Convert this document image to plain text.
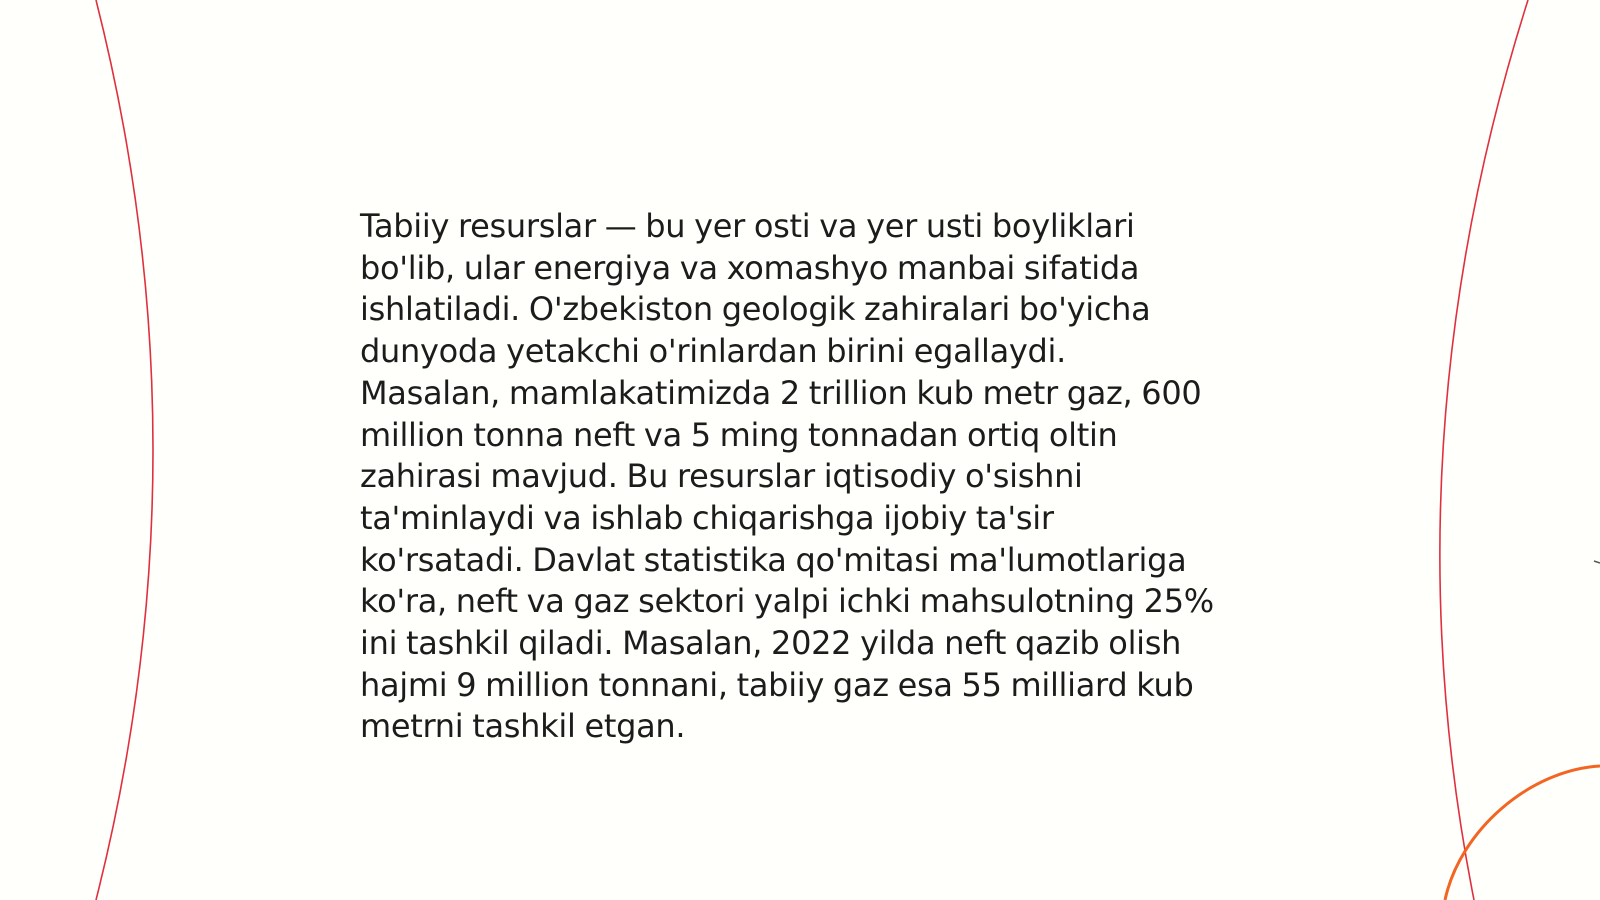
Tabiiy resurslar — bu yer osti va yer usti boyliklari
bo'lib, ular energiya va xomashyo manbai sifatida
ishlatiladi. O'zbekiston geologik zahiralari bo'yicha
dunyoda yetakchi o'rinlardan birini egallaydi.
Masalan, mamlakatimizda 2 trillion kub metr gaz, 600
million tonna neft va 5 ming tonnadan ortiq oltin
zahirasi mavjud. Bu resurslar iqtisodiy o'sishni
ta'minlaydi va ishlab chiqarishga ijobiy ta'sir
ko'rsatadi. Davlat statistika qo'mitasi ma'lumotlariga
ko'ra, neft va gaz sektori yalpi ichki mahsulotning 25%
ini tashkil qiladi. Masalan, 2022 yilda neft qazib olish
hajmi 9 million tonnani, tabiiy gaz esa 55 milliard kub
metrni tashkil etgan.
